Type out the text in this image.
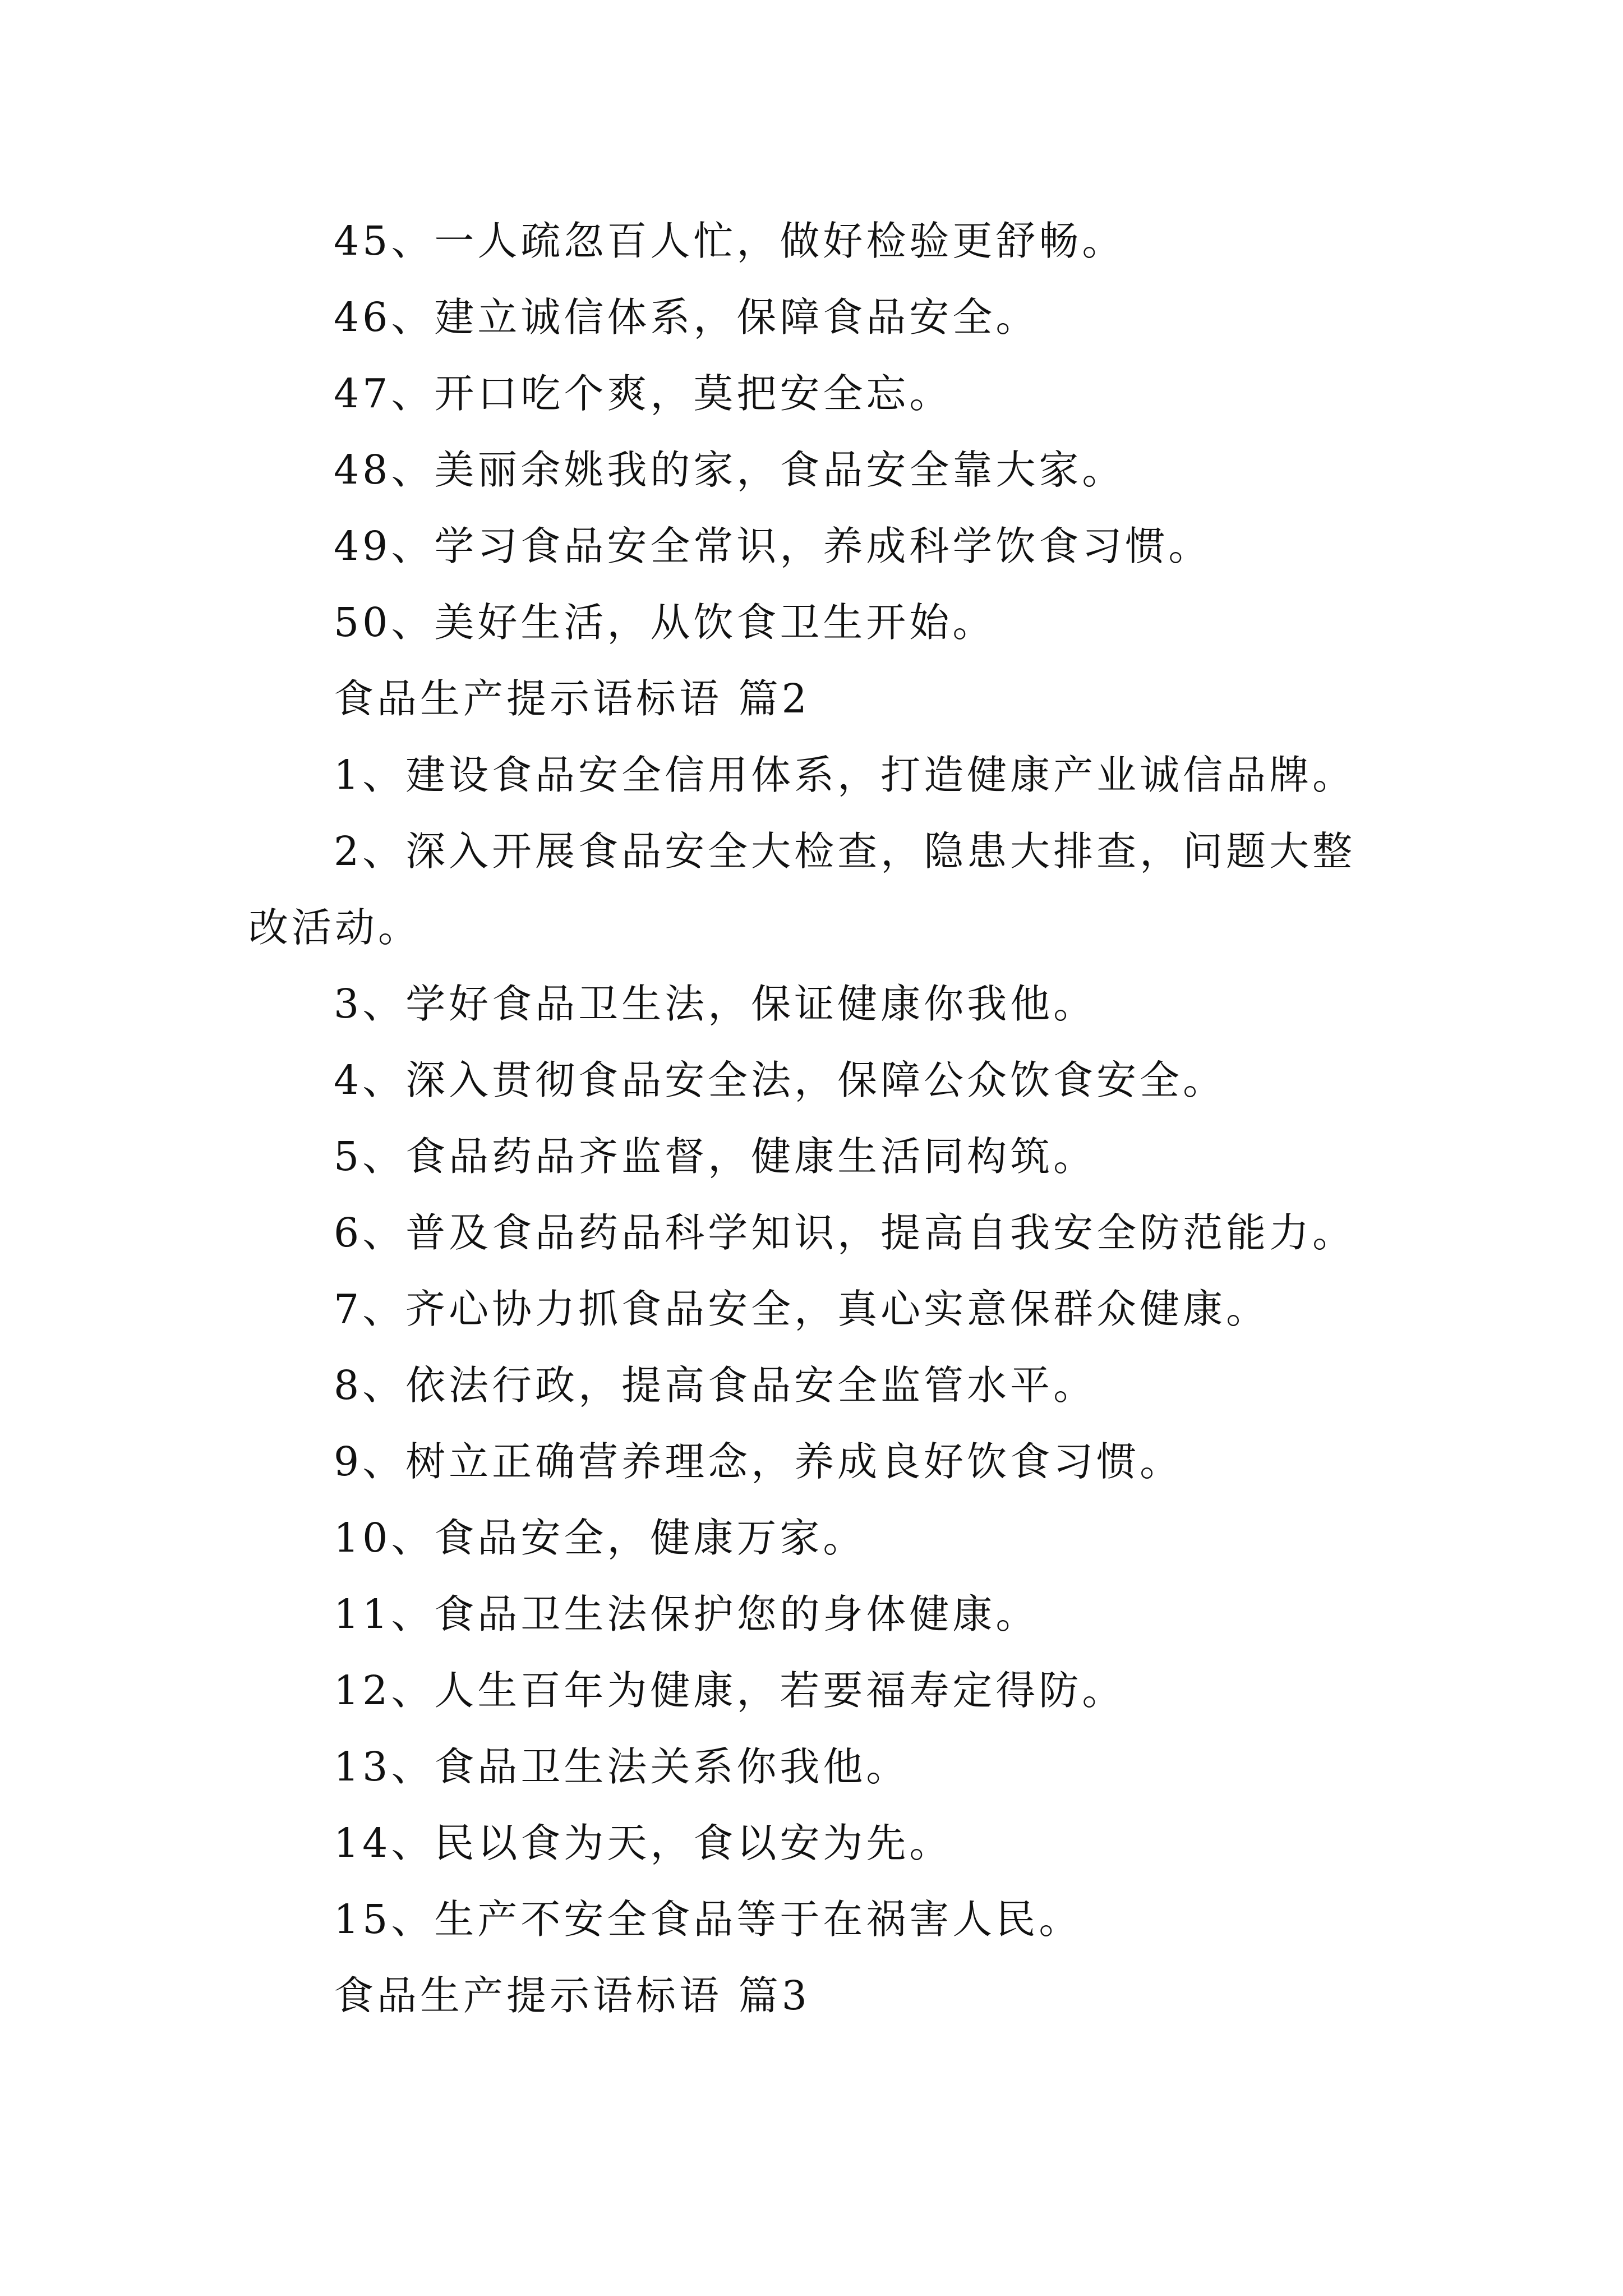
45、一人疏忽百人忙，做好检验更舒畅。
46、建立诚信体系，保障食品安全。
47、开口吃个爽，莫把安全忘。
48、美丽余姚我的家，食品安全靠大家。
49、学习食品安全常识，养成科学饮食习惯。
50、美好生活，从饮食卫生开始。
食品生产提示语标语 篇2
1、建设食品安全信用体系，打造健康产业诚信品牌。
2、深入开展食品安全大检查，隐患大排查，问题大整
改活动。
3、学好食品卫生法，保证健康你我他。
4、深入贯彻食品安全法，保障公众饮食安全。
5、食品药品齐监督，健康生活同构筑。
6、普及食品药品科学知识，提高自我安全防范能力。
7、齐心协力抓食品安全，真心实意保群众健康。
8、依法行政，提高食品安全监管水平。
9、树立正确营养理念，养成良好饮食习惯。
10、食品安全，健康万家。
11、食品卫生法保护您的身体健康。
12、人生百年为健康，若要福寿定得防。
13、食品卫生法关系你我他。
14、民以食为天，食以安为先。
15、生产不安全食品等于在祸害人民。
食品生产提示语标语 篇3
